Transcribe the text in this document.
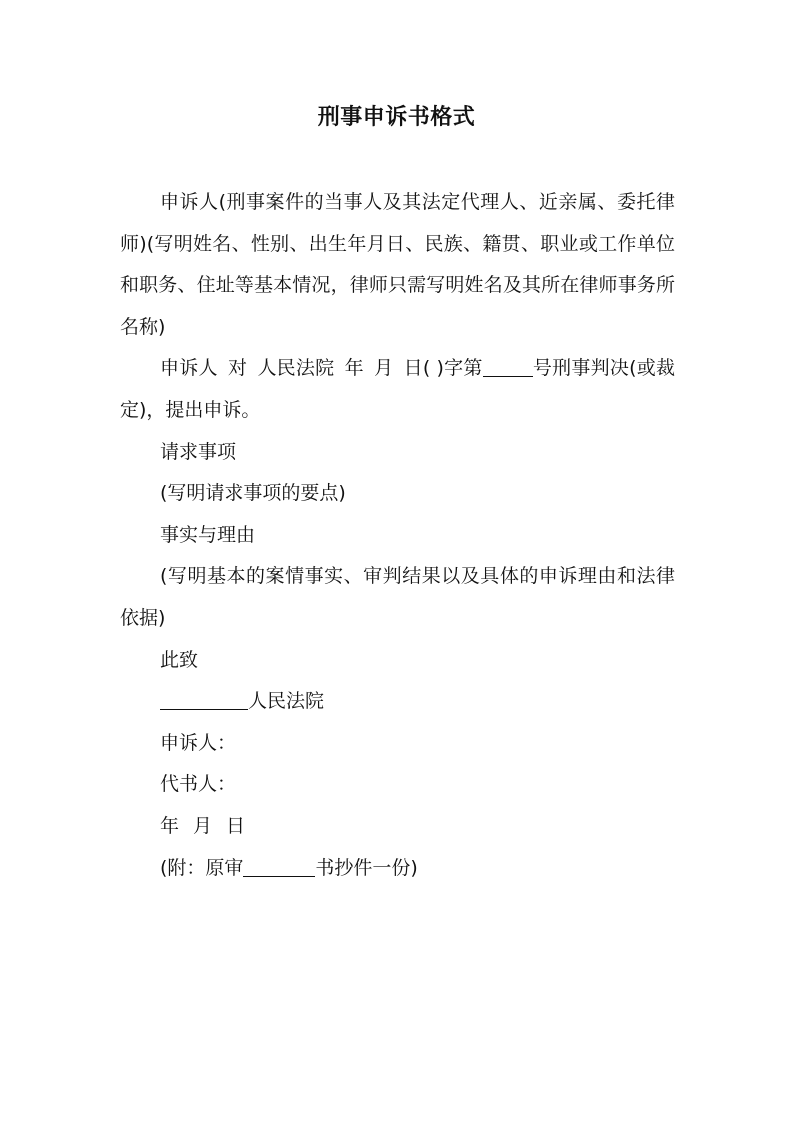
刑事申诉书格式

申诉人(刑事案件的当事人及其法定代理人、近亲属、委托律师)(写明姓名、性别、出生年月日、民族、籍贯、职业或工作单位和职务、住址等基本情况，律师只需写明姓名及其所在律师事务所名称)

申诉人 对 人民法院 年 月 日( )字第	号刑事判决(或裁定)，提出申诉。

请求事项

(写明请求事项的要点)

事实与理由

(写明基本的案情事实、审判结果以及具体的申诉理由和法律依据)

此致

人民法院

申诉人：

代书人：

年 月 日

(附：原审	书抄件一份)
